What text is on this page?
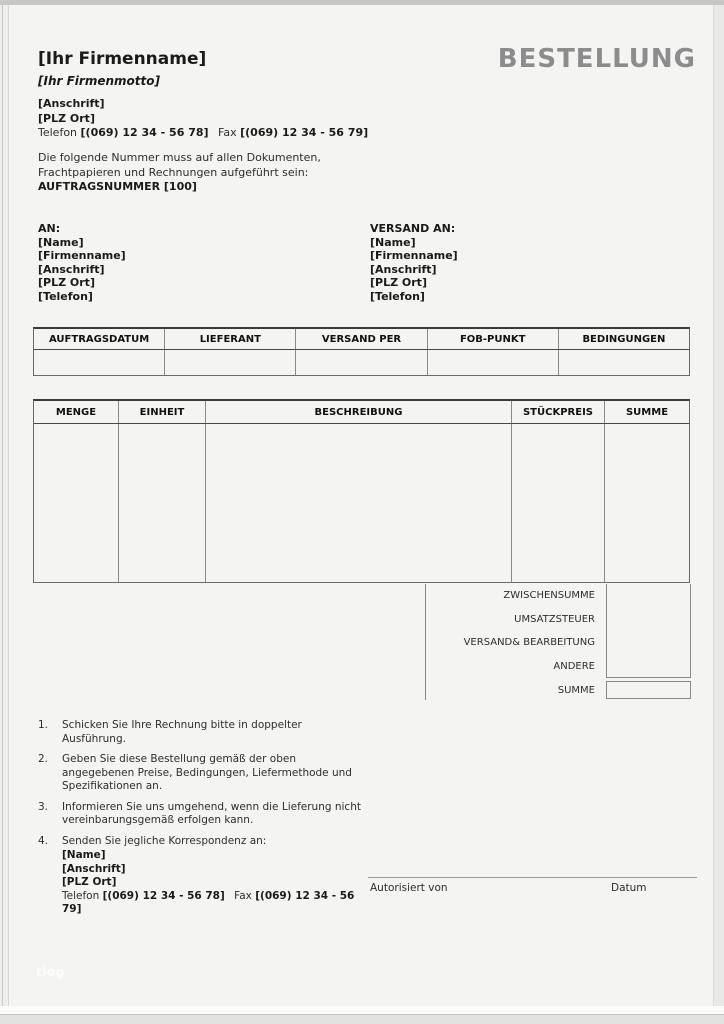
BESTELLUNG
[Ihr Firmenname]
[Ihr Firmenmotto]
[Anschrift]
[PLZ Ort]
Telefon [(069) 12 34 - 56 78] Fax [(069) 12 34 - 56 79]
Die folgende Nummer muss auf allen Dokumenten,
Frachtpapieren und Rechnungen aufgeführt sein:
AUFTRAGSNUMMER [100]
AN:
[Name]
[Firmenname]
[Anschrift]
[PLZ Ort]
[Telefon]
VERSAND AN:
[Name]
[Firmenname]
[Anschrift]
[PLZ Ort]
[Telefon]
AUFTRAGSDATUM	LIEFERANT	VERSAND PER	FOB-PUNKT	BEDINGUNGEN
MENGE	EINHEIT	BESCHREIBUNG	STÜCKPREIS	SUMME
ZWISCHENSUMME
UMSATZSTEUER
VERSAND& BEARBEITUNG
ANDERE
SUMME
1.	Schicken Sie Ihre Rechnung bitte in doppelter Ausführung.
2.	Geben Sie diese Bestellung gemäß der oben angegebenen Preise, Bedingungen, Liefermethode und Spezifikationen an.
3.	Informieren Sie uns umgehend, wenn die Lieferung nicht vereinbarungsgemäß erfolgen kann.
4.	Senden Sie jegliche Korrespondenz an:
[Name]
[Anschrift]
[PLZ Ort]
Telefon [(069) 12 34 - 56 78] Fax [(069) 12 34 - 56 79]
Autorisiert von	Datum
tlog
